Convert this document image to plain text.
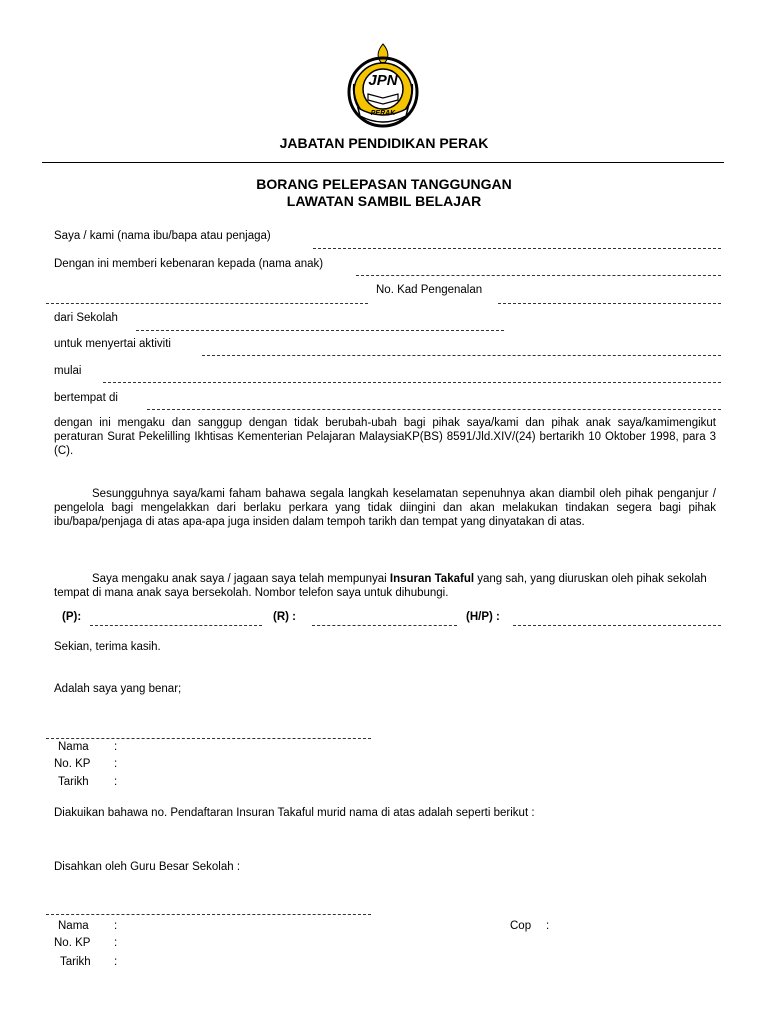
JPN
PERAK
JABATAN PENDIDIKAN PERAK
BORANG PELEPASAN TANGGUNGAN
LAWATAN SAMBIL BELAJAR
Saya / kami (nama ibu/bapa atau penjaga)
Dengan ini memberi kebenaran kepada (nama anak)
No. Kad Pengenalan
dari Sekolah
untuk menyertai aktiviti
mulai
bertempat di

dengan ini mengaku dan sanggup dengan tidak berubah-ubah bagi pihak saya/kami dan pihak anak saya/kamimengikut peraturan Surat Pekelilling Ikhtisas Kementerian Pelajaran MalaysiaKP(BS) 8591/Jld.XIV/(24) bertarikh 10 Oktober 1998, para 3 (C).

Sesungguhnya saya/kami faham bahawa segala langkah keselamatan sepenuhnya akan diambil oleh pihak penganjur / pengelola bagi mengelakkan dari berlaku perkara yang tidak diingini dan akan melakukan tindakan segera bagi pihak ibu/bapa/penjaga di atas apa-apa juga insiden dalam tempoh tarikh dan tempat yang dinyatakan di atas.

Saya mengaku anak saya / jagaan saya telah mempunyai Insuran Takaful yang sah, yang diuruskan oleh pihak sekolah tempat di mana anak saya bersekolah. Nombor telefon saya untuk dihubungi.

(P):	(R) :	(H/P) :
Sekian, terima kasih.
Adalah saya yang benar;
Nama :
No. KP :
Tarikh :
Diakuikan bahawa no. Pendaftaran Insuran Takaful murid nama di atas adalah seperti berikut :
Disahkan oleh Guru Besar Sekolah :
Nama :
No. KP :
Tarikh :
Cop :
